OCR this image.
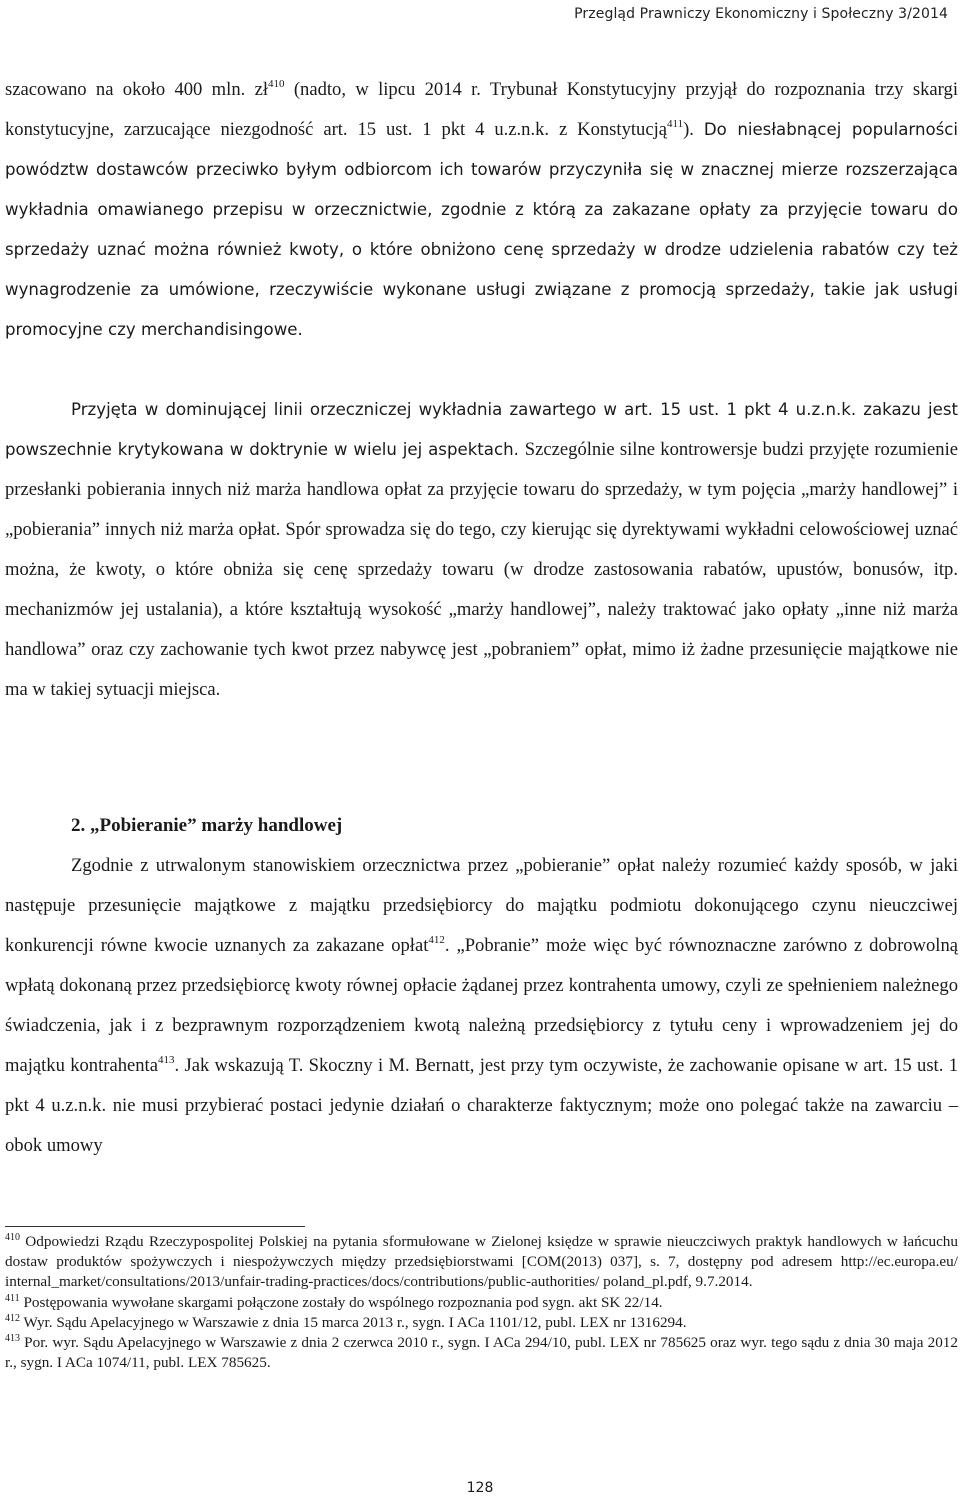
Przegląd Prawniczy Ekonomiczny i Społeczny 3/2014

szacowano na około 400 mln. $zł^{410}$ (nadto, w lipcu 2014 r. Trybunał Konstytucyjny przyjął do rozpoznania trzy skargi konstytucyjne, zarzucające niezgodność art. 15 ust. 1 pkt 4 u.z.n.k. z Konstytucją$^{411}$). Do niesłabnącej popularności powództw dostawców przeciwko byłym odbiorcom ich towarów przyczyniła się w znacznej mierze rozszerzająca wykładnia omawianego przepisu w orzecznictwie, zgodnie z którą za zakazane opłaty za przyjęcie towaru do sprzedaży uznać można również kwoty, o które obniżono cenę sprzedaży w drodze udzielenia rabatów czy też wynagrodzenie za umówione, rzeczywiście wykonane usługi związane z promocją sprzedaży, takie jak usługi promocyjne czy merchandisingowe.

Przyjęta w dominującej linii orzeczniczej wykładnia zawartego w art. 15 ust. 1 pkt 4 u.z.n.k. zakazu jest powszechnie krytykowana w doktrynie w wielu jej aspektach. Szczególnie silne kontrowersje budzi przyjęte rozumienie przesłanki pobierania innych niż marża handlowa opłat za przyjęcie towaru do sprzedaży, w tym pojęcia „marży handlowej” i „pobierania” innych niż marża opłat. Spór sprowadza się do tego, czy kierując się dyrektywami wykładni celowościowej uznać można, że kwoty, o które obniża się cenę sprzedaży towaru (w drodze zastosowania rabatów, upustów, bonusów, itp. mechanizmów jej ustalania), a które kształtują wysokość „marży handlowej”, należy traktować jako opłaty „inne niż marża handlowa” oraz czy zachowanie tych kwot przez nabywcę jest „pobraniem” opłat, mimo iż żadne przesunięcie majątkowe nie ma w takiej sytuacji miejsca.

2. „Pobieranie” marży handlowej

Zgodnie z utrwalonym stanowiskiem orzecznictwa przez „pobieranie” opłat należy rozumieć każdy sposób, w jaki następuje przesunięcie majątkowe z majątku przedsiębiorcy do majątku podmiotu dokonującego czynu nieuczciwej konkurencji równe kwocie uznanych za zakazane opłat$^{412}$. „Pobranie” może więc być równoznaczne zarówno z dobrowolną wpłatą dokonaną przez przedsiębiorcę kwoty równej opłacie żądanej przez kontrahenta umowy, czyli ze spełnieniem należnego świadczenia, jak i z bezprawnym rozporządzeniem kwotą należną przedsiębiorcy z tytułu ceny i wprowadzeniem jej do majątku kontrahenta$^{413}$. Jak wskazują T. Skoczny i M. Bernatt, jest przy tym oczywiste, że zachowanie opisane w art. 15 ust. 1 pkt 4 u.z.n.k. nie musi przybierać postaci jedynie działań o charakterze faktycznym; może ono polegać także na zawarciu – obok umowy

$^{410}$ Odpowiedzi Rządu Rzeczypospolitej Polskiej na pytania sformułowane w Zielonej księdze w sprawie nieuczciwych praktyk handlowych w łańcuchu dostaw produktów spożywczych i niespożywczych między przedsiębiorstwami [COM(2013) 037], s. 7, dostępny pod adresem http://ec.europa.eu/ internal_market/consultations/2013/unfair-trading-practices/docs/contributions/public-authorities/ poland_pl.pdf, 9.7.2014.

$^{411}$ Postępowania wywołane skargami połączone zostały do wspólnego rozpoznania pod sygn. akt SK 22/14.

$^{412}$ Wyr. Sądu Apelacyjnego w Warszawie z dnia 15 marca 2013 r., sygn. I ACa 1101/12, publ. LEX nr 1316294.

$^{413}$ Por. wyr. Sądu Apelacyjnego w Warszawie z dnia 2 czerwca 2010 r., sygn. I ACa 294/10, publ. LEX nr 785625 oraz wyr. tego sądu z dnia 30 maja 2012 r., sygn. I ACa 1074/11, publ. LEX 785625.

128
